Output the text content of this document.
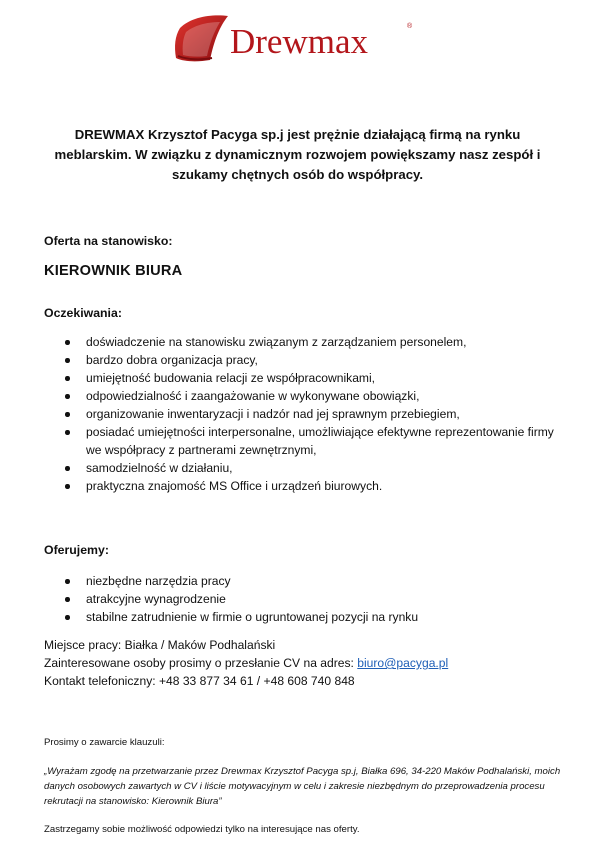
Drewmax	®
DREWMAX Krzysztof Pacyga sp.j jest prężnie działającą firmą na rynku meblarskim. W związku z dynamicznym rozwojem powiększamy nasz zespół i szukamy chętnych osób do współpracy.
Oferta na stanowisko:
KIEROWNIK BIURA
Oczekiwania:
doświadczenie na stanowisku związanym z zarządzaniem personelem,
bardzo dobra organizacja pracy,
umiejętność budowania relacji ze współpracownikami,
odpowiedzialność i zaangażowanie w wykonywane obowiązki,
organizowanie inwentaryzacji i nadzór nad jej sprawnym przebiegiem,
posiadać umiejętności interpersonalne, umożliwiające efektywne reprezentowanie firmy we współpracy z partnerami zewnętrznymi,
samodzielność w działaniu,
praktyczna znajomość MS Office i urządzeń biurowych.
Oferujemy:
niezbędne narzędzia pracy
atrakcyjne wynagrodzenie
stabilne zatrudnienie w firmie o ugruntowanej pozycji na rynku
Miejsce pracy: Białka / Maków Podhalański
Zainteresowane osoby prosimy o przesłanie CV na adres: biuro@pacyga.pl
Kontakt telefoniczny: +48 33 877 34 61 / +48 608 740 848
Prosimy o zawarcie klauzuli:
„Wyrażam zgodę na przetwarzanie przez Drewmax Krzysztof Pacyga sp.j, Białka 696, 34-220 Maków Podhalański, moich danych osobowych zawartych w CV i liście motywacyjnym w celu i zakresie niezbędnym do przeprowadzenia procesu rekrutacji na stanowisko: Kierownik Biura”
Zastrzegamy sobie możliwość odpowiedzi tylko na interesujące nas oferty.
